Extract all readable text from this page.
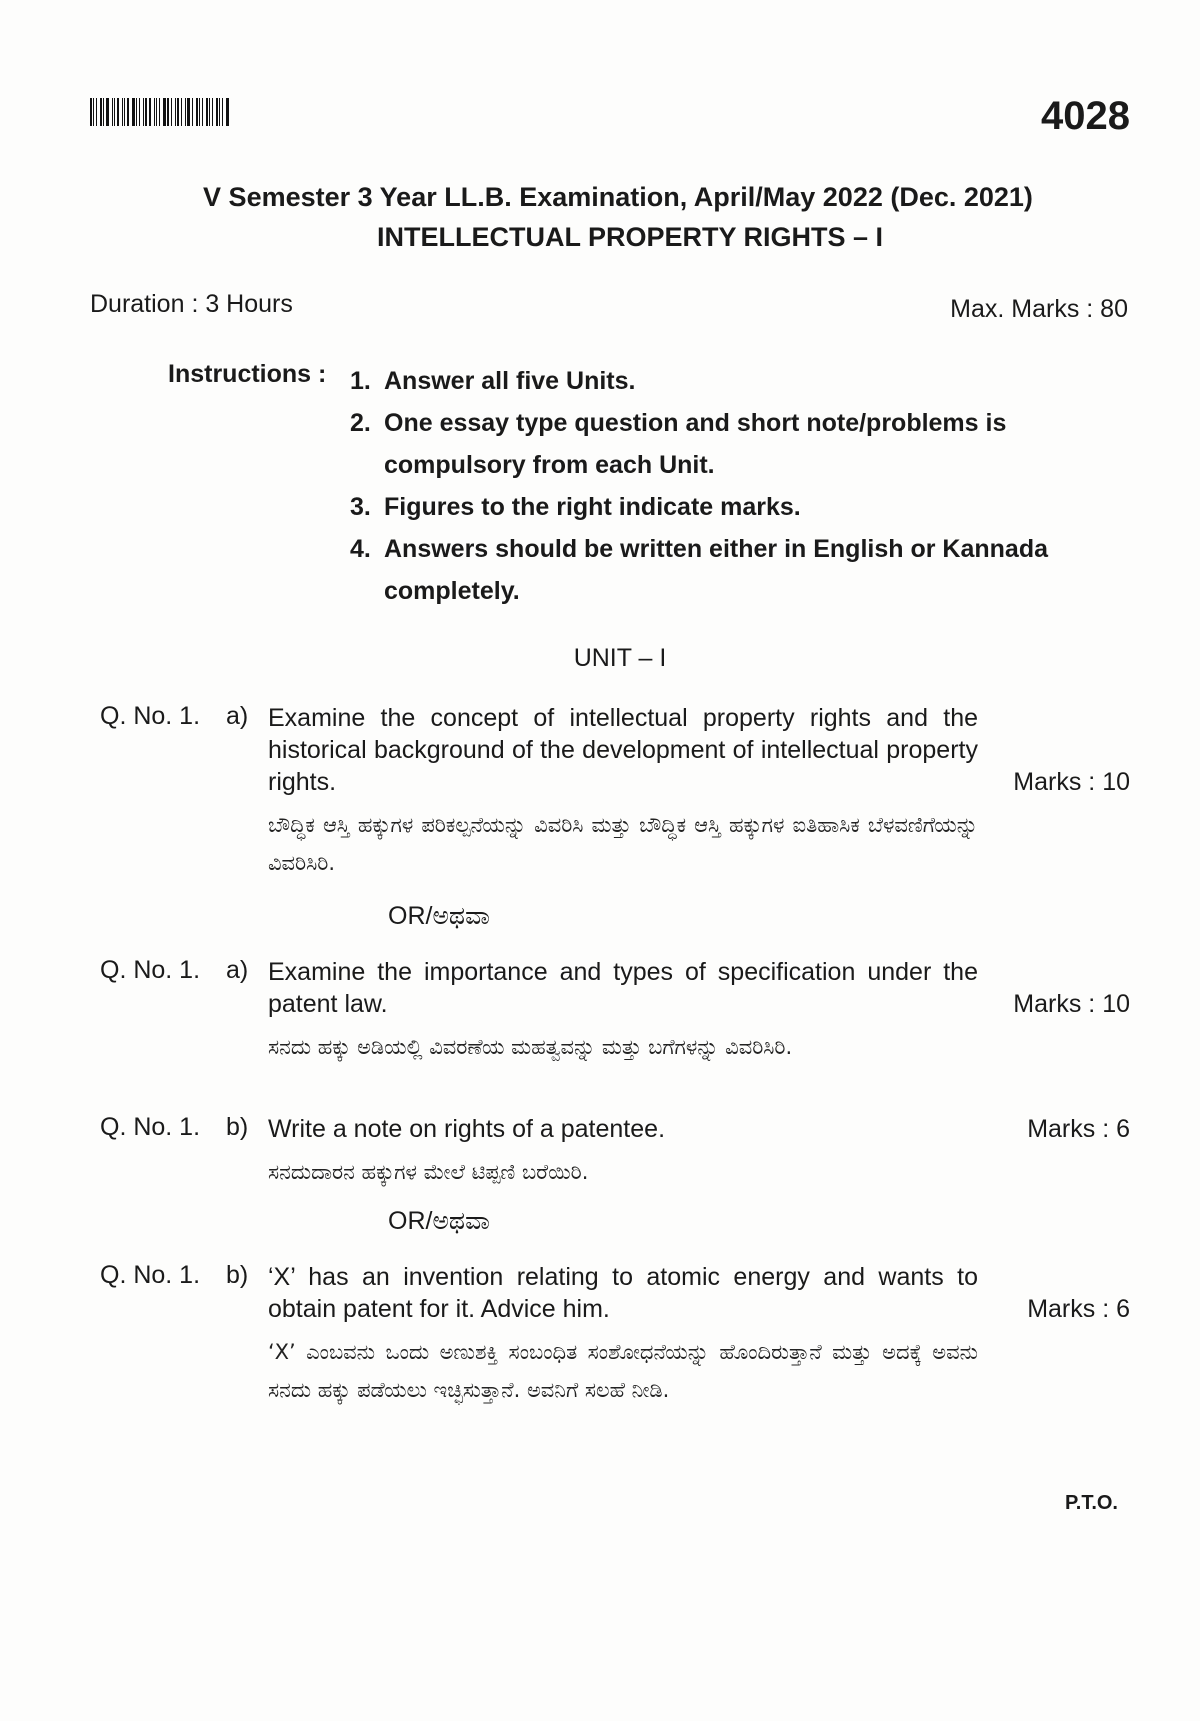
4028
V Semester 3 Year LL.B. Examination, April/May 2022 (Dec. 2021)
INTELLECTUAL PROPERTY RIGHTS – I
Duration : 3 Hours	Max. Marks : 80
Instructions : 1. Answer all five Units.
2. One essay type question and short note/problems is compulsory from each Unit.
3. Figures to the right indicate marks.
4. Answers should be written either in English or Kannada completely.
UNIT – I
Q. No. 1. a) Examine the concept of intellectual property rights and the historical background of the development of intellectual property rights.
ಬೌದ್ಧಿಕ ಆಸ್ತಿ ಹಕ್ಕುಗಳ ಪರಿಕಲ್ಪನೆಯನ್ನು ವಿವರಿಸಿ ಮತ್ತು ಬೌದ್ಧಿಕ ಆಸ್ತಿ ಹಕ್ಕುಗಳ ಐತಿಹಾಸಿಕ ಬೆಳವಣಿಗೆಯನ್ನು ವಿವರಿಸಿರಿ.
Marks : 10
OR/ಅಥವಾ
Q. No. 1. a) Examine the importance and types of specification under the patent law.
ಸನದು ಹಕ್ಕು ಅಡಿಯಲ್ಲಿ ವಿವರಣೆಯ ಮಹತ್ವವನ್ನು ಮತ್ತು ಬಗೆಗಳನ್ನು ವಿವರಿಸಿರಿ.
Marks : 10
Q. No. 1. b) Write a note on rights of a patentee.
ಸನದುದಾರನ ಹಕ್ಕುಗಳ ಮೇಲೆ ಟಿಪ್ಪಣಿ ಬರೆಯಿರಿ.
Marks : 6
OR/ಅಥವಾ
Q. No. 1. b) ‘X’ has an invention relating to atomic energy and wants to obtain patent for it. Advice him.
‘X’ ಎಂಬವನು ಒಂದು ಅಣುಶಕ್ತಿ ಸಂಬಂಧಿತ ಸಂಶೋಧನೆಯನ್ನು ಹೊಂದಿರುತ್ತಾನೆ ಮತ್ತು ಅದಕ್ಕೆ ಅವನು ಸನದು ಹಕ್ಕು ಪಡೆಯಲು ಇಚ್ಛಿಸುತ್ತಾನೆ. ಅವನಿಗೆ ಸಲಹೆ ನೀಡಿ.
Marks : 6
P.T.O.
